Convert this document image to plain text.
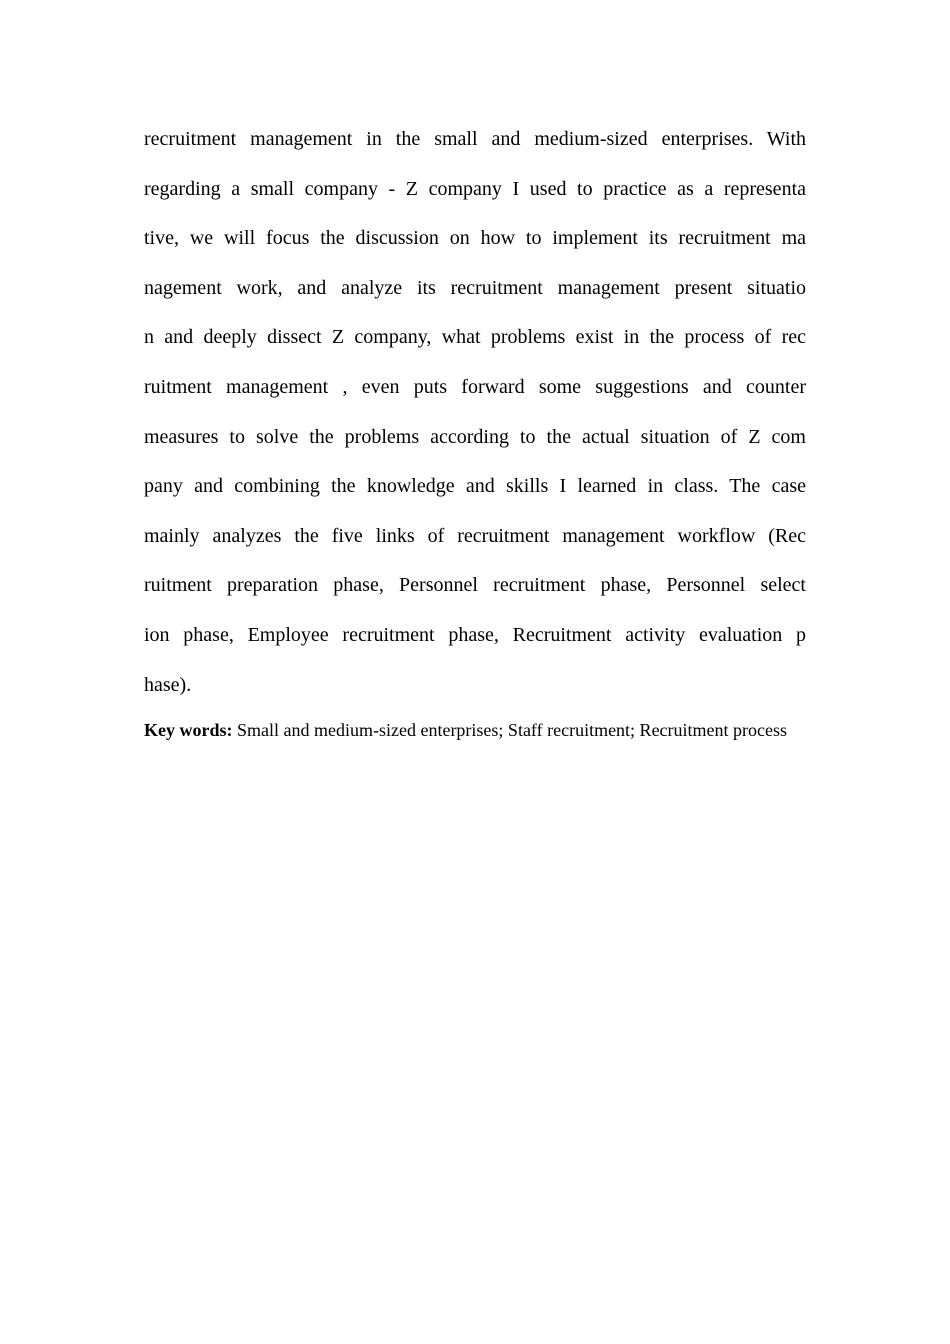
recruitment management in the small and medium-sized enterprises. With
regarding a small company - Z company I used to practice as a representa
tive, we will focus the discussion on how to implement its recruitment ma
nagement work, and analyze its recruitment management present situatio
n and deeply dissect Z company, what problems exist in the process of rec
ruitment management , even puts forward some suggestions and counter
measures to solve the problems according to the actual situation of Z com
pany and combining the knowledge and skills I learned in class. The case
mainly analyzes the five links of recruitment management workflow (Rec
ruitment preparation phase, Personnel recruitment phase, Personnel select
ion phase, Employee recruitment phase, Recruitment activity evaluation p
hase).

Key words: Small and medium-sized enterprises; Staff recruitment; Recruitment process
